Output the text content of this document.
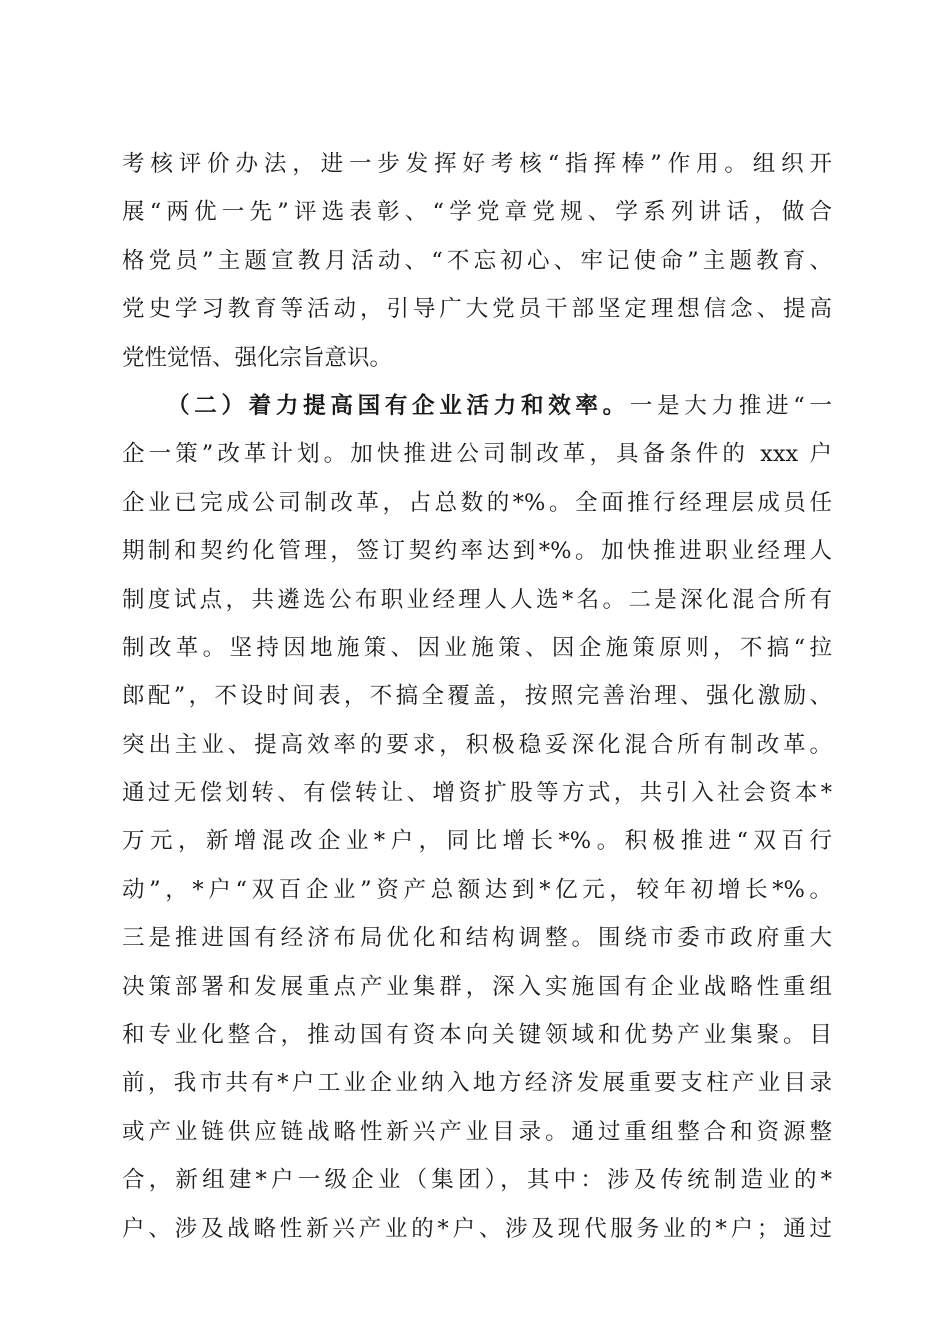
考核评价办法，进一步发挥好考核“指挥棒”作用。组织开
展“两优一先”评选表彰、“学党章党规、学系列讲话，做合
格党员”主题宣教月活动、“不忘初心、牢记使命”主题教育、
党史学习教育等活动，引导广大党员干部坚定理想信念、提高
党性觉悟、强化宗旨意识。
（二）着力提高国有企业活力和效率。一是大力推进“一
企一策”改革计划。加快推进公司制改革，具备条件的 xxx 户
企业已完成公司制改革，占总数的*%。全面推行经理层成员任
期制和契约化管理，签订契约率达到*%。加快推进职业经理人
制度试点，共遴选公布职业经理人人选*名。二是深化混合所有
制改革。坚持因地施策、因业施策、因企施策原则，不搞“拉
郎配”，不设时间表，不搞全覆盖，按照完善治理、强化激励、
突出主业、提高效率的要求，积极稳妥深化混合所有制改革。
通过无偿划转、有偿转让、增资扩股等方式，共引入社会资本*
万元，新增混改企业*户，同比增长*%。积极推进“双百行
动”，*户“双百企业”资产总额达到*亿元，较年初增长*%。
三是推进国有经济布局优化和结构调整。围绕市委市政府重大
决策部署和发展重点产业集群，深入实施国有企业战略性重组
和专业化整合，推动国有资本向关键领域和优势产业集聚。目
前，我市共有*户工业企业纳入地方经济发展重要支柱产业目录
或产业链供应链战略性新兴产业目录。通过重组整合和资源整
合，新组建*户一级企业（集团），其中：涉及传统制造业的*
户、涉及战略性新兴产业的*户、涉及现代服务业的*户；通过
